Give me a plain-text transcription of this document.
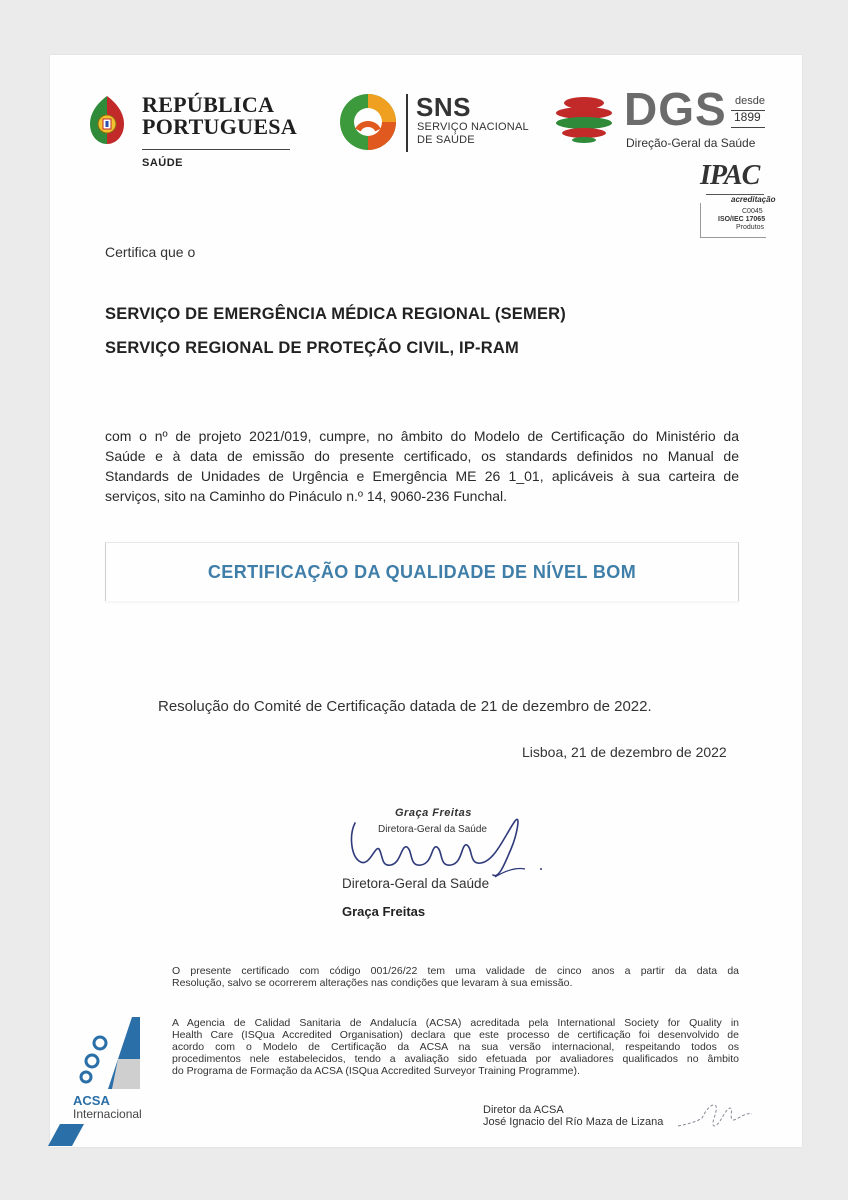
REPÚBLICA
PORTUGUESA
SAÚDE
SNS
SERVIÇO NACIONAL
DE SAÚDE
DGS desde
1899
Direção-Geral da Saúde
IPAC
acreditação
C0045
ISO/IEC 17065
Produtos
Certifica que o
SERVIÇO DE EMERGÊNCIA MÉDICA REGIONAL (SEMER)
SERVIÇO REGIONAL DE PROTEÇÃO CIVIL, IP-RAM
com o nº de projeto 2021/019, cumpre, no âmbito do Modelo de Certificação do Ministério da
Saúde e à data de emissão do presente certificado, os standards definidos no Manual de
Standards de Unidades de Urgência e Emergência ME 26 1_01, aplicáveis à sua carteira de
serviços, sito na Caminho do Pináculo n.º 14, 9060-236 Funchal.
CERTIFICAÇÃO DA QUALIDADE DE NÍVEL BOM
Resolução do Comité de Certificação datada de 21 de dezembro de 2022.
Lisboa, 21 de dezembro de 2022
Graça Freitas
Diretora-Geral da Saúde
Diretora-Geral da Saúde
Graça Freitas
O presente certificado com código 001/26/22 tem uma validade de cinco anos a partir da data da
Resolução, salvo se ocorrerem alterações nas condições que levaram à sua emissão.
ACSA
Internacional
A Agencia de Calidad Sanitaria de Andalucía (ACSA) acreditada pela International Society for Quality in
Health Care (ISQua Accredited Organisation) declara que este processo de certificação foi desenvolvido de
acordo com o Modelo de Certificação da ACSA na sua versão internacional, respeitando todos os
procedimentos nele estabelecidos, tendo a avaliação sido efetuada por avaliadores qualificados no âmbito
do Programa de Formação da ACSA (ISQua Accredited Surveyor Training Programme).
Diretor da ACSA
José Ignacio del Río Maza de Lizana
